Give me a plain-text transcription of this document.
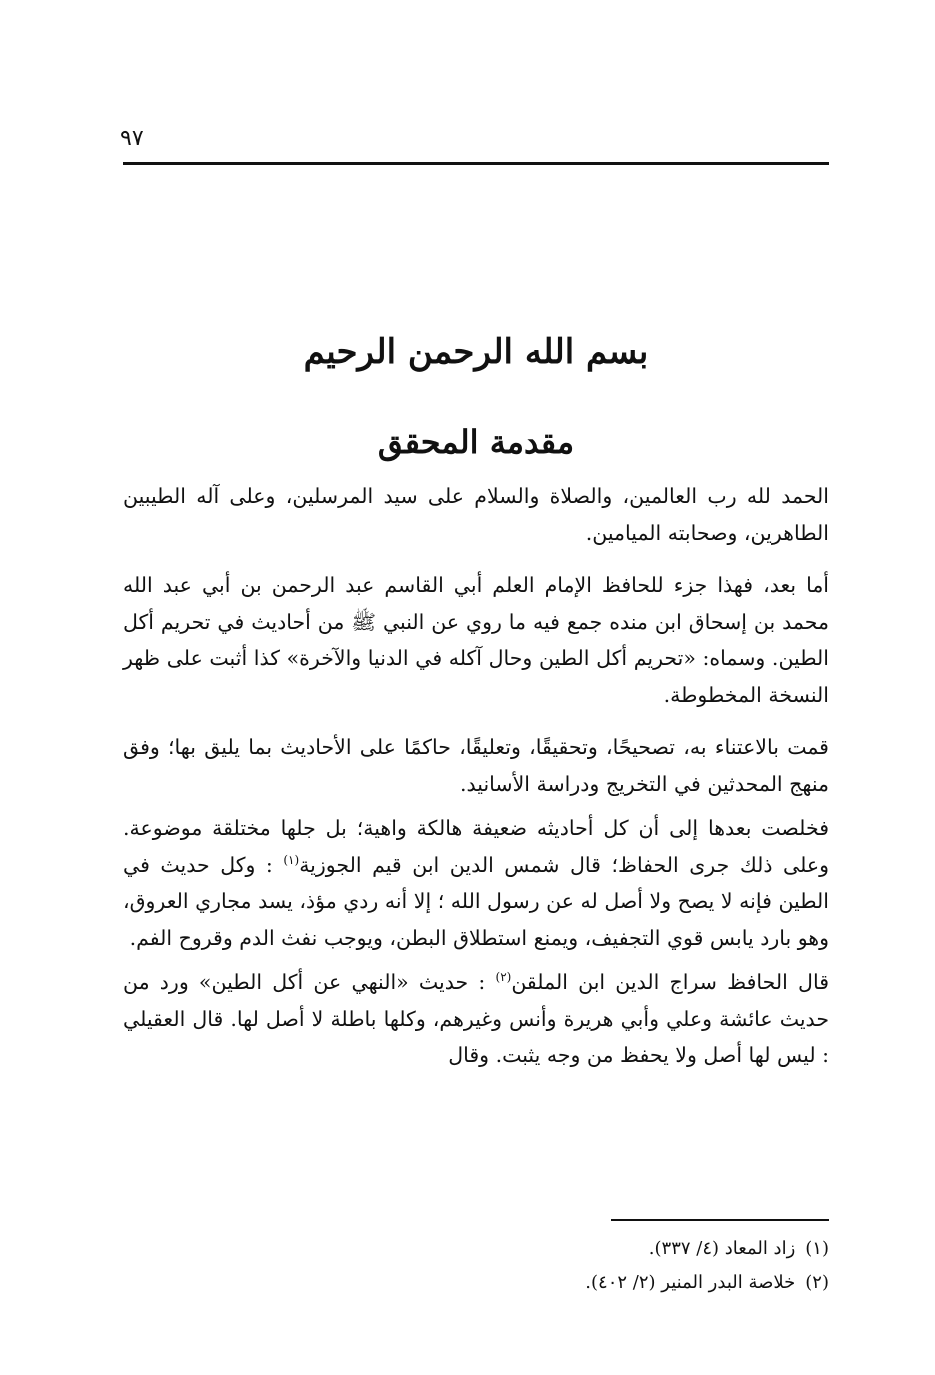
٩٧
بسم الله الرحمن الرحيم
مقدمة المحقق

الحمد لله رب العالمين، والصلاة والسلام على سيد المرسلين، وعلى آله الطيبين الطاهرين، وصحابته الميامين.

أما بعد، فهذا جزء للحافظ الإمام العلم أبي القاسم عبد الرحمن بن أبي عبد الله محمد بن إسحاق ابن منده جمع فيه ما روي عن النبي ﷺ من أحاديث في تحريم أكل الطين. وسماه: «تحريم أكل الطين وحال آكله في الدنيا والآخرة» كذا أثبت على ظهر النسخة المخطوطة.

قمت بالاعتناء به، تصحيحًا، وتحقيقًا، وتعليقًا، حاكمًا على الأحاديث بما يليق بها؛ وفق منهج المحدثين في التخريج ودراسة الأسانيد.

فخلصت بعدها إلى أن كل أحاديثه ضعيفة هالكة واهية؛ بل جلها مختلقة موضوعة. وعلى ذلك جرى الحفاظ؛ قال شمس الدين ابن قيم الجوزية$^{(١)}$ : وكل حديث في الطين فإنه لا يصح ولا أصل له عن رسول الله ؛ إلا أنه ردي مؤذ، يسد مجاري العروق، وهو بارد يابس قوي التجفيف، ويمنع استطلاق البطن، ويوجب نفث الدم وقروح الفم.

قال الحافظ سراج الدين ابن الملقن$^{(٢)}$ : حديث «النهي عن أكل الطين» ورد من حديث عائشة وعلي وأبي هريرة وأنس وغيرهم، وكلها باطلة لا أصل لها. قال العقيلي : ليس لها أصل ولا يحفظ من وجه يثبت. وقال

(١)زاد المعاد (٤/ ٣٣٧).
(٢)خلاصة البدر المنير (٢/ ٤٠٢).
